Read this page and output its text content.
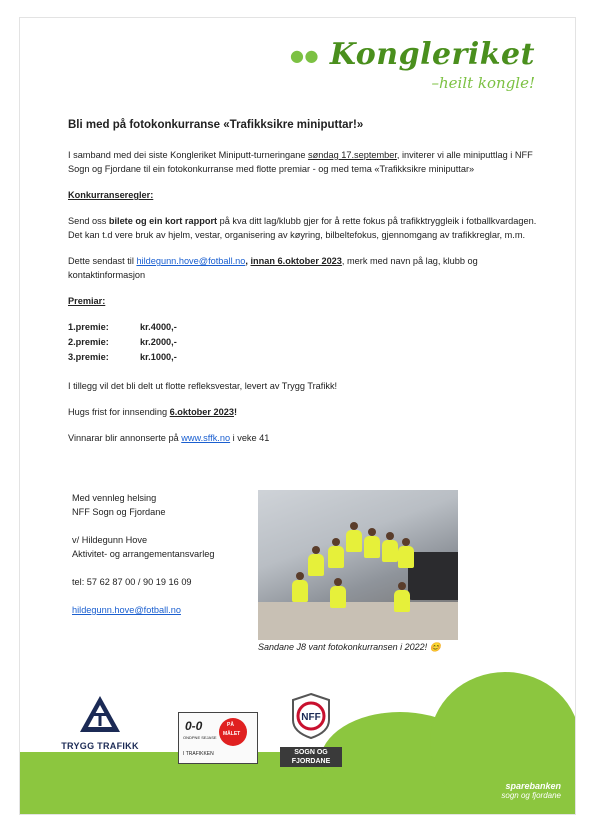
●● Kongleriket
–heilt kongle!
Bli med på fotokonkurranse «Trafikksikre miniputtar!»

I samband med dei siste Kongleriket Miniputt-turneringane søndag 17.september, inviterer vi alle miniputtlag i NFF Sogn og Fjordane til ein fotokonkurranse med flotte premiar - og med tema «Trafikksikre miniputtar»

Konkurranseregler:

Send oss bilete og ein kort rapport på kva ditt lag/klubb gjer for å rette fokus på trafikktryggleik i fotballkvardagen. Det kan t.d vere bruk av hjelm, vestar, organisering av køyring, bilbeltefokus, gjennomgang av trafikkreglar, m.m.

Dette sendast til hildegunn.hove@fotball.no, innan 6.oktober 2023, merk med navn på lag, klubb og kontaktinformasjon

Premiar:

1.premie:	kr.4000,-
2.premie:	kr.2000,-
3.premie:	kr.1000,-

I tillegg vil det bli delt ut flotte refleksvestar, levert av Trygg Trafikk!

Hugs frist for innsending 6.oktober 2023!

Vinnarar blir annonserte på www.sffk.no i veke 41

Med vennleg helsing
NFF Sogn og Fjordane
v/ Hildegunn Hove
Aktivitet- og arrangementansvarleg
tel: 57 62 87 00 / 90 19 16 09
hildegunn.hove@fotball.no
Sandane J8 vant fotokonkurransen i 2022! 😊
TRYGG TRAFIKK
0-0
ONDPNE SEJASE
PÅ
MÅLET
I TRAFIKKEN
NFF
SOGN OG
FJORDANE
sparebanken
sogn og fjordane
